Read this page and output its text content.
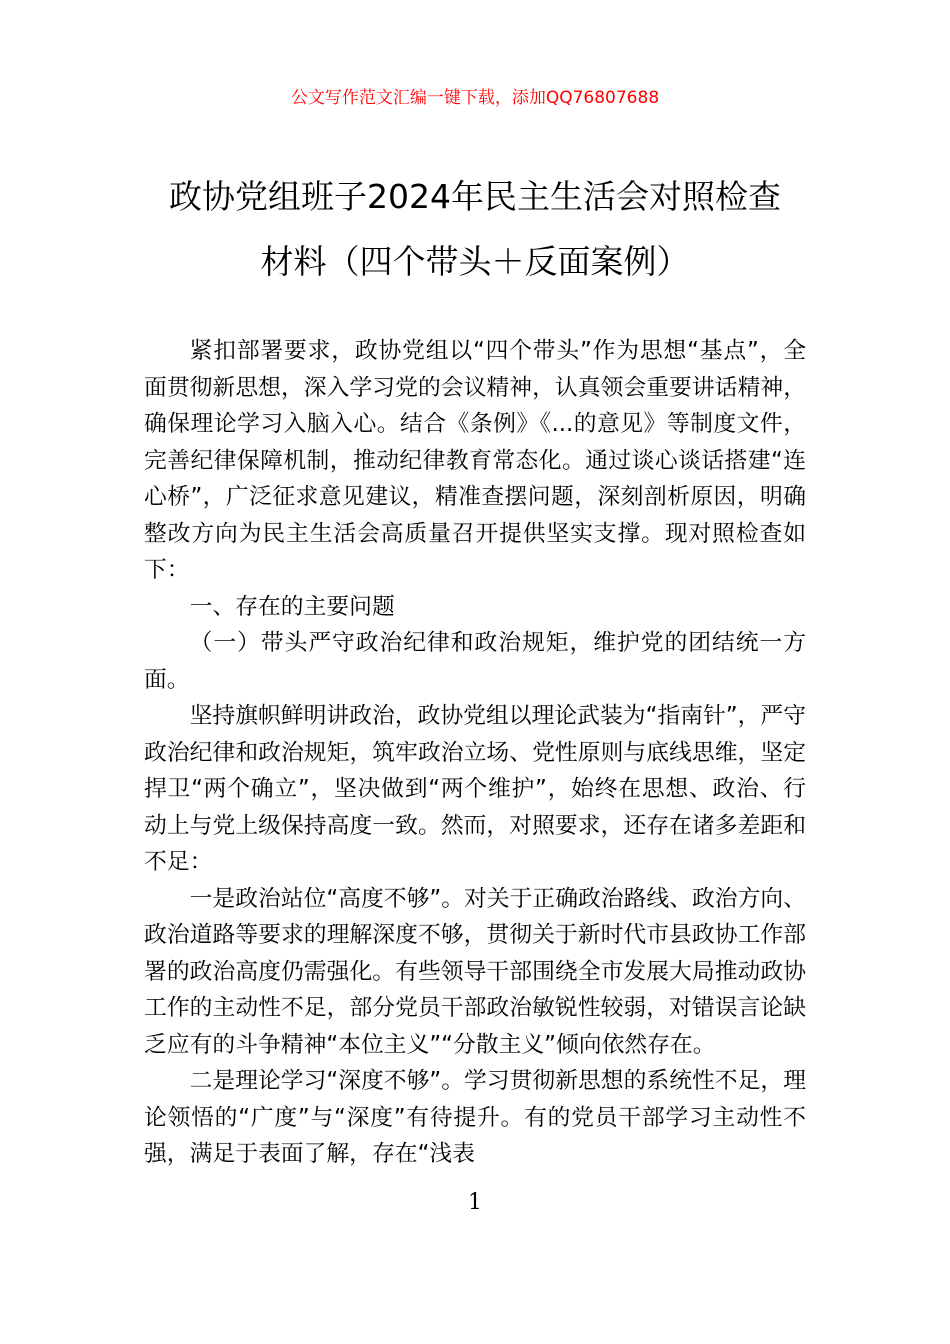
公文写作范文汇编一键下载，添加QQ76807688
政协党组班子2024年民主生活会对照检查
材料（四个带头＋反面案例）

紧扣部署要求，政协党组以“四个带头”作为思想“基点”，全面贯彻新思想，深入学习党的会议精神，认真领会重要讲话精神，确保理论学习入脑入心。结合《条例》《...的意见》等制度文件，完善纪律保障机制，推动纪律教育常态化。通过谈心谈话搭建“连心桥”，广泛征求意见建议，精准查摆问题，深刻剖析原因，明确整改方向为民主生活会高质量召开提供坚实支撑。现对照检查如下：

一、存在的主要问题

（一）带头严守政治纪律和政治规矩，维护党的团结统一方面。

坚持旗帜鲜明讲政治，政协党组以理论武装为“指南针”，严守政治纪律和政治规矩，筑牢政治立场、党性原则与底线思维，坚定捍卫“两个确立”，坚决做到“两个维护”，始终在思想、政治、行动上与党上级保持高度一致。然而，对照要求，还存在诸多差距和不足：

一是政治站位“高度不够”。对关于正确政治路线、政治方向、政治道路等要求的理解深度不够，贯彻关于新时代市县政协工作部署的政治高度仍需强化。有些领导干部围绕全市发展大局推动政协工作的主动性不足，部分党员干部政治敏锐性较弱，对错误言论缺乏应有的斗争精神“本位主义”“分散主义”倾向依然存在。

二是理论学习“深度不够”。学习贯彻新思想的系统性不足，理论领悟的“广度”与“深度”有待提升。有的党员干部学习主动性不强，满足于表面了解，存在“浅表

1
